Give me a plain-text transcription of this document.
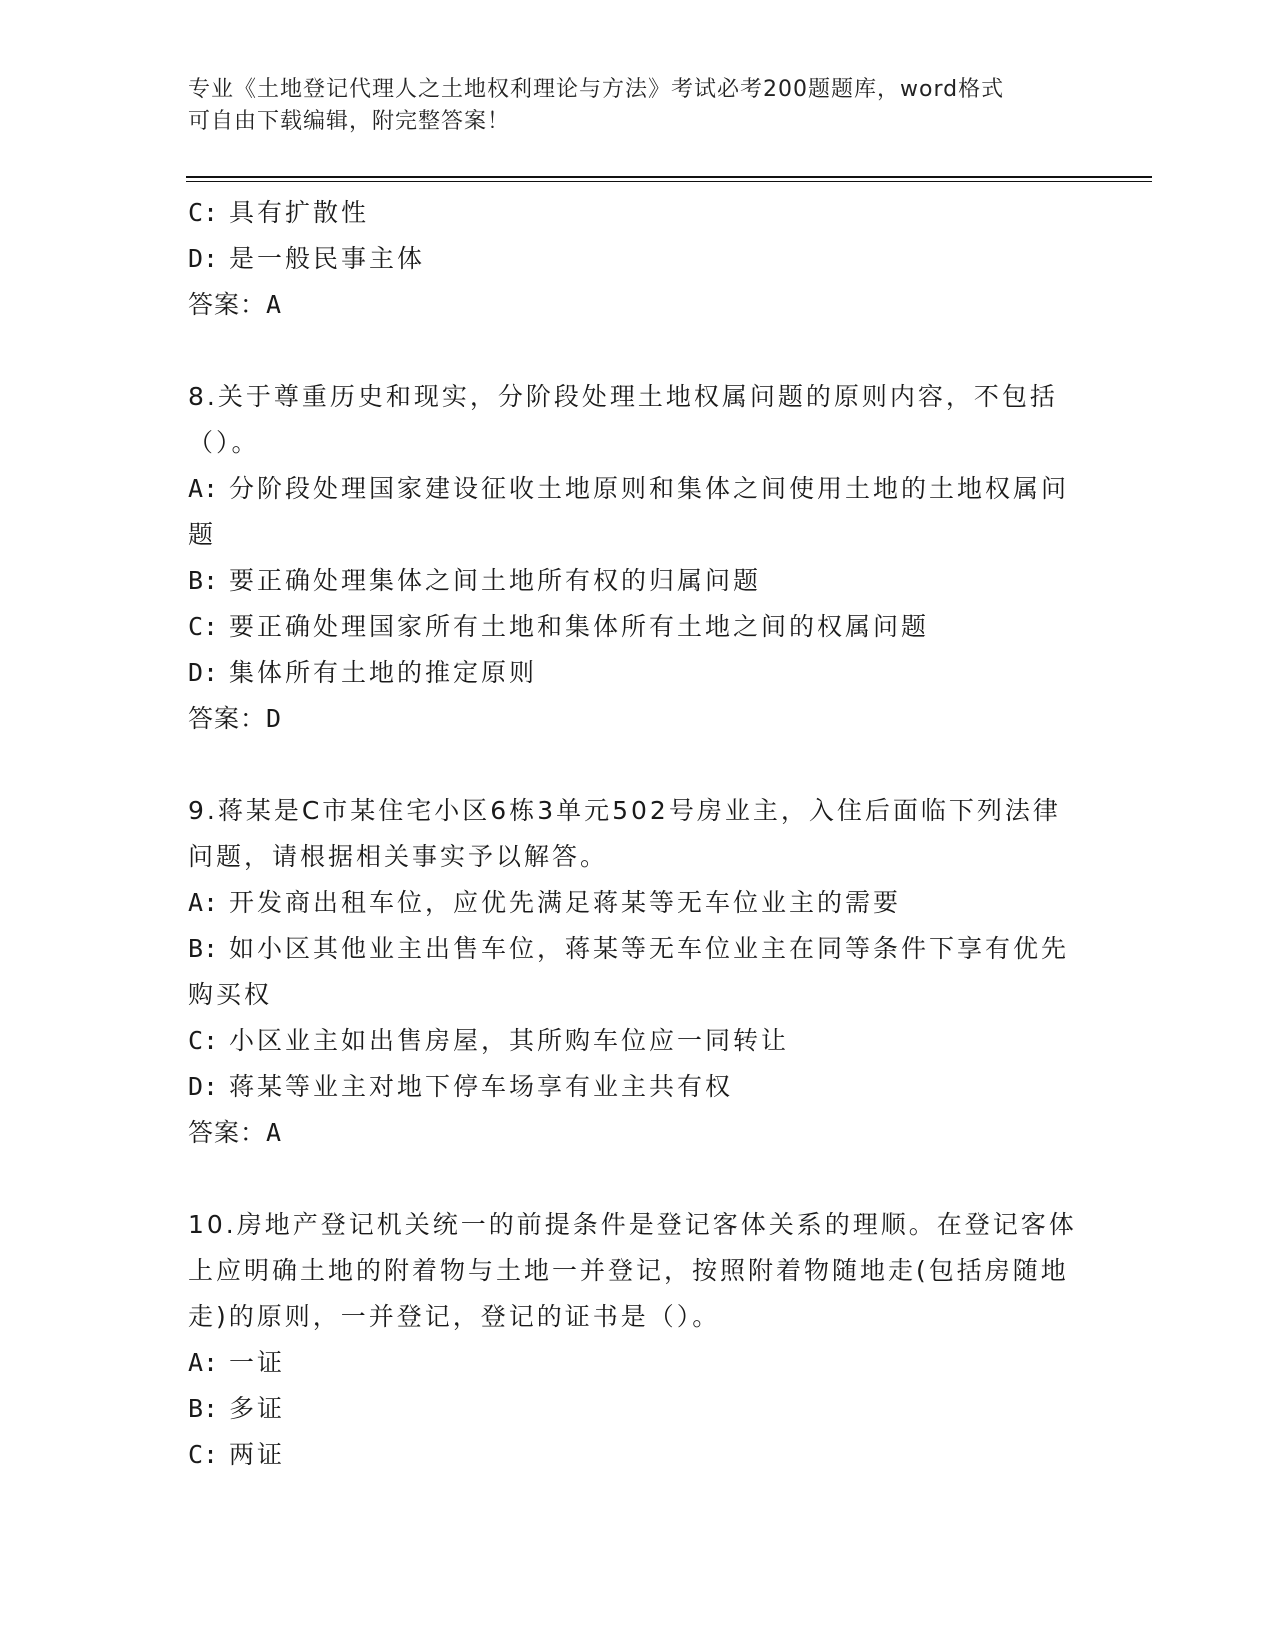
专业《土地登记代理人之土地权利理论与方法》考试必考200题题库，word格式
可自由下载编辑，附完整答案！

C: 具有扩散性

D: 是一般民事主体

答案：A

8.关于尊重历史和现实，分阶段处理土地权属问题的原则内容，不包括（）。

A: 分阶段处理国家建设征收土地原则和集体之间使用土地的土地权属问题

B: 要正确处理集体之间土地所有权的归属问题

C: 要正确处理国家所有土地和集体所有土地之间的权属问题

D: 集体所有土地的推定原则

答案：D

9.蒋某是C市某住宅小区6栋3单元502号房业主，入住后面临下列法律问题，请根据相关事实予以解答。

A: 开发商出租车位，应优先满足蒋某等无车位业主的需要

B: 如小区其他业主出售车位，蒋某等无车位业主在同等条件下享有优先购买权

C: 小区业主如出售房屋，其所购车位应一同转让

D: 蒋某等业主对地下停车场享有业主共有权

答案：A

10.房地产登记机关统一的前提条件是登记客体关系的理顺。在登记客体上应明确土地的附着物与土地一并登记，按照附着物随地走(包括房随地走)的原则，一并登记，登记的证书是（）。

A: 一证

B: 多证

C: 两证
